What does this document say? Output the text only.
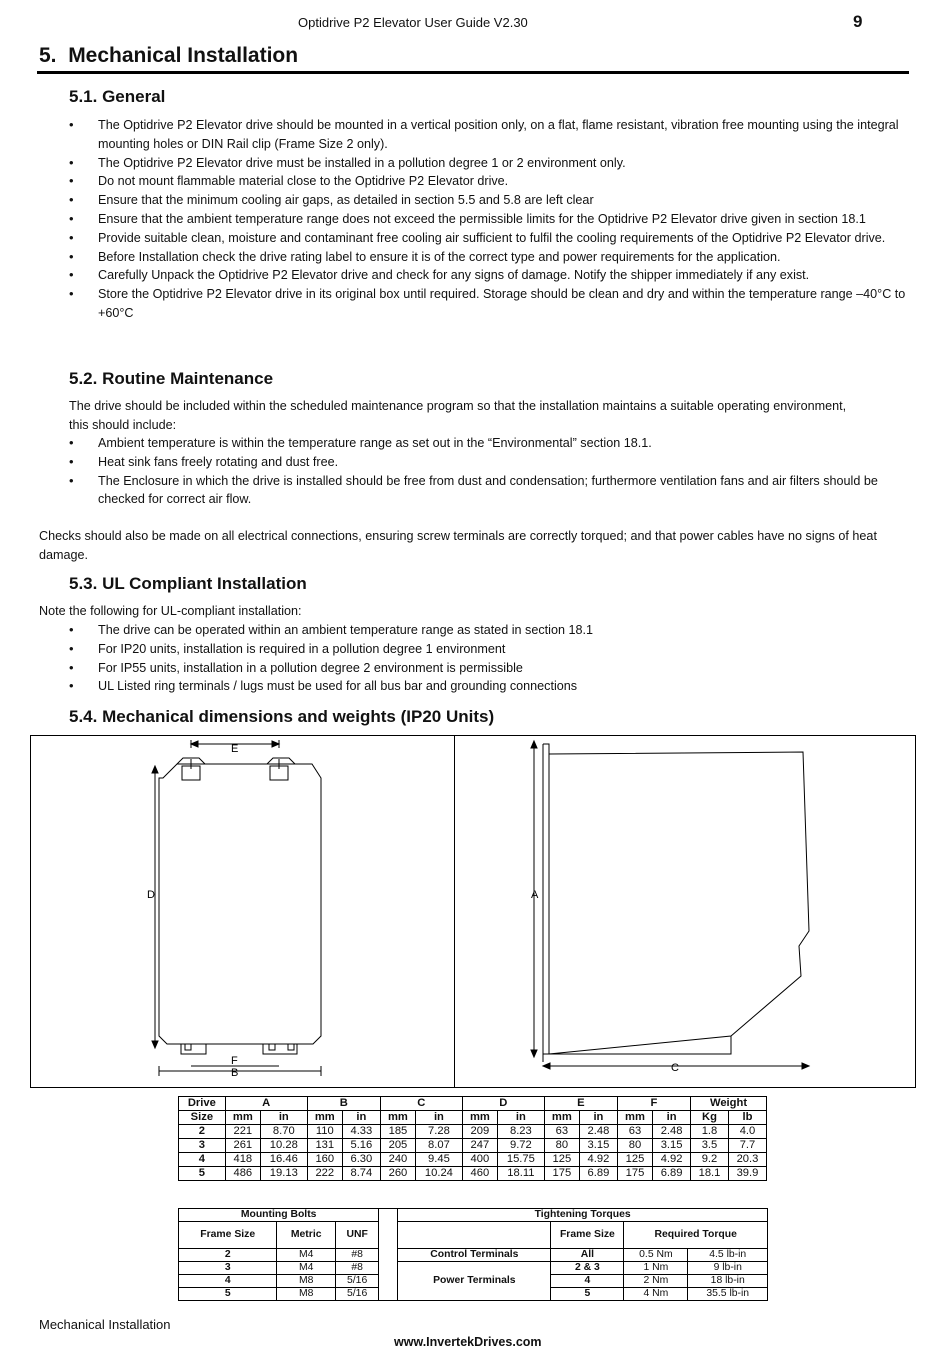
Optidrive P2 Elevator User Guide V2.30	9
5. Mechanical Installation
5.1. General
• The Optidrive P2 Elevator drive should be mounted in a vertical position only, on a flat, flame resistant, vibration free mounting using the integral mounting holes or DIN Rail clip (Frame Size 2 only).
• The Optidrive P2 Elevator drive must be installed in a pollution degree 1 or 2 environment only.
• Do not mount flammable material close to the Optidrive P2 Elevator drive.
• Ensure that the minimum cooling air gaps, as detailed in section 5.5 and 5.8 are left clear
• Ensure that the ambient temperature range does not exceed the permissible limits for the Optidrive P2 Elevator drive given in section 18.1
• Provide suitable clean, moisture and contaminant free cooling air sufficient to fulfil the cooling requirements of the Optidrive P2 Elevator drive.
• Before Installation check the drive rating label to ensure it is of the correct type and power requirements for the application.
• Carefully Unpack the Optidrive P2 Elevator drive and check for any signs of damage. Notify the shipper immediately if any exist.
• Store the Optidrive P2 Elevator drive in its original box until required. Storage should be clean and dry and within the temperature range –40°C to +60°C
5.2. Routine Maintenance
The drive should be included within the scheduled maintenance program so that the installation maintains a suitable operating environment, this should include:
• Ambient temperature is within the temperature range as set out in the “Environmental” section 18.1.
• Heat sink fans freely rotating and dust free.
• The Enclosure in which the drive is installed should be free from dust and condensation; furthermore ventilation fans and air filters should be checked for correct air flow.
Checks should also be made on all electrical connections, ensuring screw terminals are correctly torqued; and that power cables have no signs of heat damage.
5.3. UL Compliant Installation
Note the following for UL-compliant installation:
• The drive can be operated within an ambient temperature range as stated in section 18.1
• For IP20 units, installation is required in a pollution degree 1 environment
• For IP55 units, installation in a pollution degree 2 environment is permissible
• UL Listed ring terminals / lugs must be used for all bus bar and grounding connections
5.4. Mechanical dimensions and weights (IP20 Units)
E
D
F
B
A
C
Drive	A		B		C		D		E		F		Weight	
Size	mm	in	mm	in	mm	in	mm	in	mm	in	mm	in	Kg	lb
2	221	8.70	110	4.33	185	7.28	209	8.23	63	2.48	63	2.48	1.8	4.0
3	261	10.28	131	5.16	205	8.07	247	9.72	80	3.15	80	3.15	3.5	7.7
4	418	16.46	160	6.30	240	9.45	400	15.75	125	4.92	125	4.92	9.2	20.3
5	486	19.13	222	8.74	260	10.24	460	18.11	175	6.89	175	6.89	18.1	39.9
Mounting Bolts				Tightening Torques			
Frame Size	Metric	UNF			Frame Size	Required Torque	
2	M4	#8		Control Terminals	All	0.5 Nm	4.5 lb-in
3	M4	#8		Power Terminals	2 & 3	1 Nm	9 lb-in
4	M8	5/16			4	2 Nm	18 lb-in
5	M8	5/16			5	4 Nm	35.5 lb-in
Mechanical Installation
www.InvertekDrives.com
